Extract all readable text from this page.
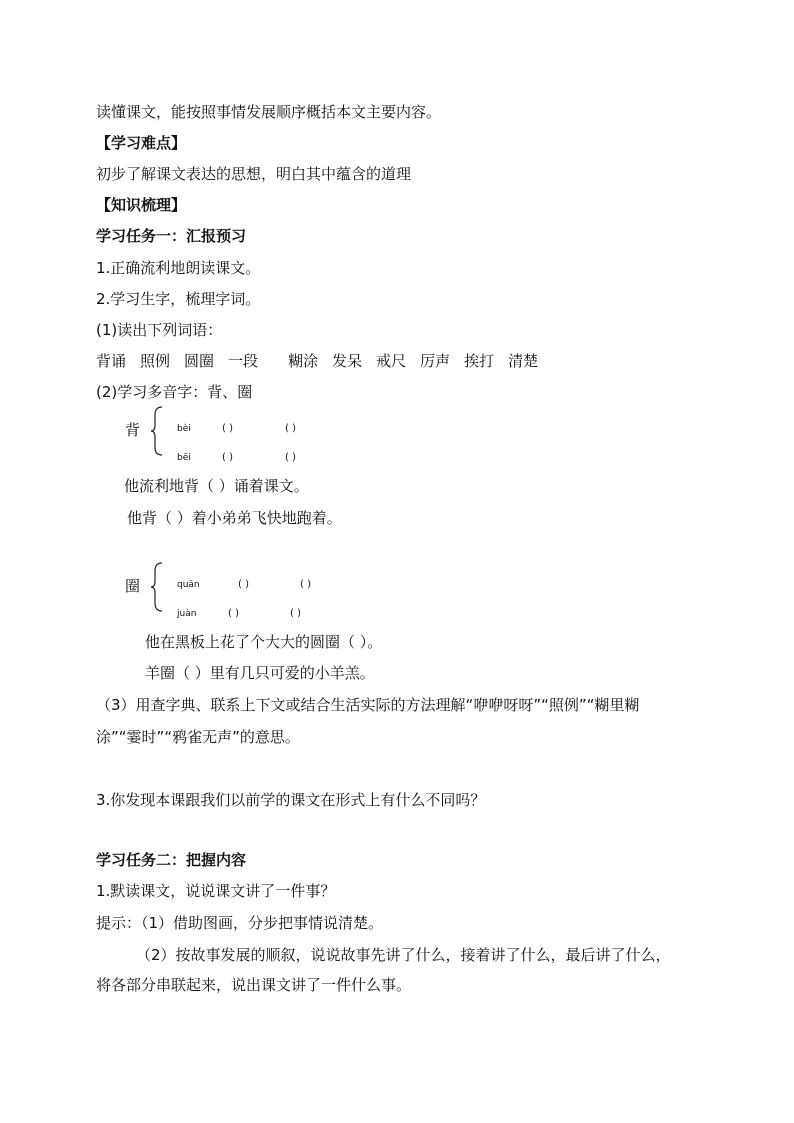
读懂课文，能按照事情发展顺序概括本文主要内容。
【学习难点】
初步了解课文表达的思想，明白其中蕴含的道理
【知识梳理】
学习任务一：汇报预习
1.正确流利地朗读课文。
2.学习生字，梳理字词。
(1)读出下列词语：
背诵 照例 圆圈 一段 糊涂 发呆 戒尺 厉声 挨打 清楚
(2)学习多音字：背、圈
背	bèi	( )	( )
bēi	( )	( )
他流利地背（ ）诵着课文。
他背（ ）着小弟弟飞快地跑着。
圈	quān	( )	( )
juàn	( )	( )
他在黑板上花了个大大的圆圈（ ）。
羊圈（ ）里有几只可爱的小羊羔。
（3）用查字典、联系上下文或结合生活实际的方法理解“咿咿呀呀”“照例”“糊里糊
涂”“霎时”“鸦雀无声”的意思。
3.你发现本课跟我们以前学的课文在形式上有什么不同吗？
学习任务二：把握内容
1.默读课文，说说课文讲了一件事？
提示：（1）借助图画，分步把事情说清楚。
（2）按故事发展的顺叙，说说故事先讲了什么，接着讲了什么，最后讲了什么，
将各部分串联起来，说出课文讲了一件什么事。
